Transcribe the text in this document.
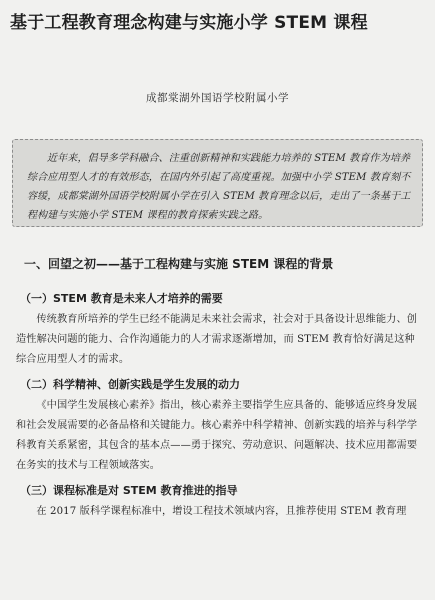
基于工程教育理念构建与实施小学 STEM 课程
成都棠湖外国语学校附属小学

近年来，倡导多学科融合、注重创新精神和实践能力培养的 STEM 教育作为培养综合应用型人才的有效形态，在国内外引起了高度重视。加强中小学 STEM 教育刻不容缓，成都棠湖外国语学校附属小学在引入 STEM 教育理念以后，走出了一条基于工程构建与实施小学 STEM 课程的教育探索实践之路。

一、回望之初——基于工程构建与实施 STEM 课程的背景
（一）STEM 教育是未来人才培养的需要

传统教育所培养的学生已经不能满足未来社会需求，社会对于具备设计思维能力、创造性解决问题的能力、合作沟通能力的人才需求逐渐增加，而 STEM 教育恰好满足这种综合应用型人才的需求。

（二）科学精神、创新实践是学生发展的动力

《中国学生发展核心素养》指出，核心素养主要指学生应具备的、能够适应终身发展和社会发展需要的必备品格和关键能力。核心素养中科学精神、创新实践的培养与科学学科教育关系紧密，其包含的基本点——勇于探究、劳动意识、问题解决、技术应用都需要在务实的技术与工程领域落实。

（三）课程标准是对 STEM 教育推进的指导

在 2017 版科学课程标准中，增设工程技术领域内容，且推荐使用 STEM 教育理
